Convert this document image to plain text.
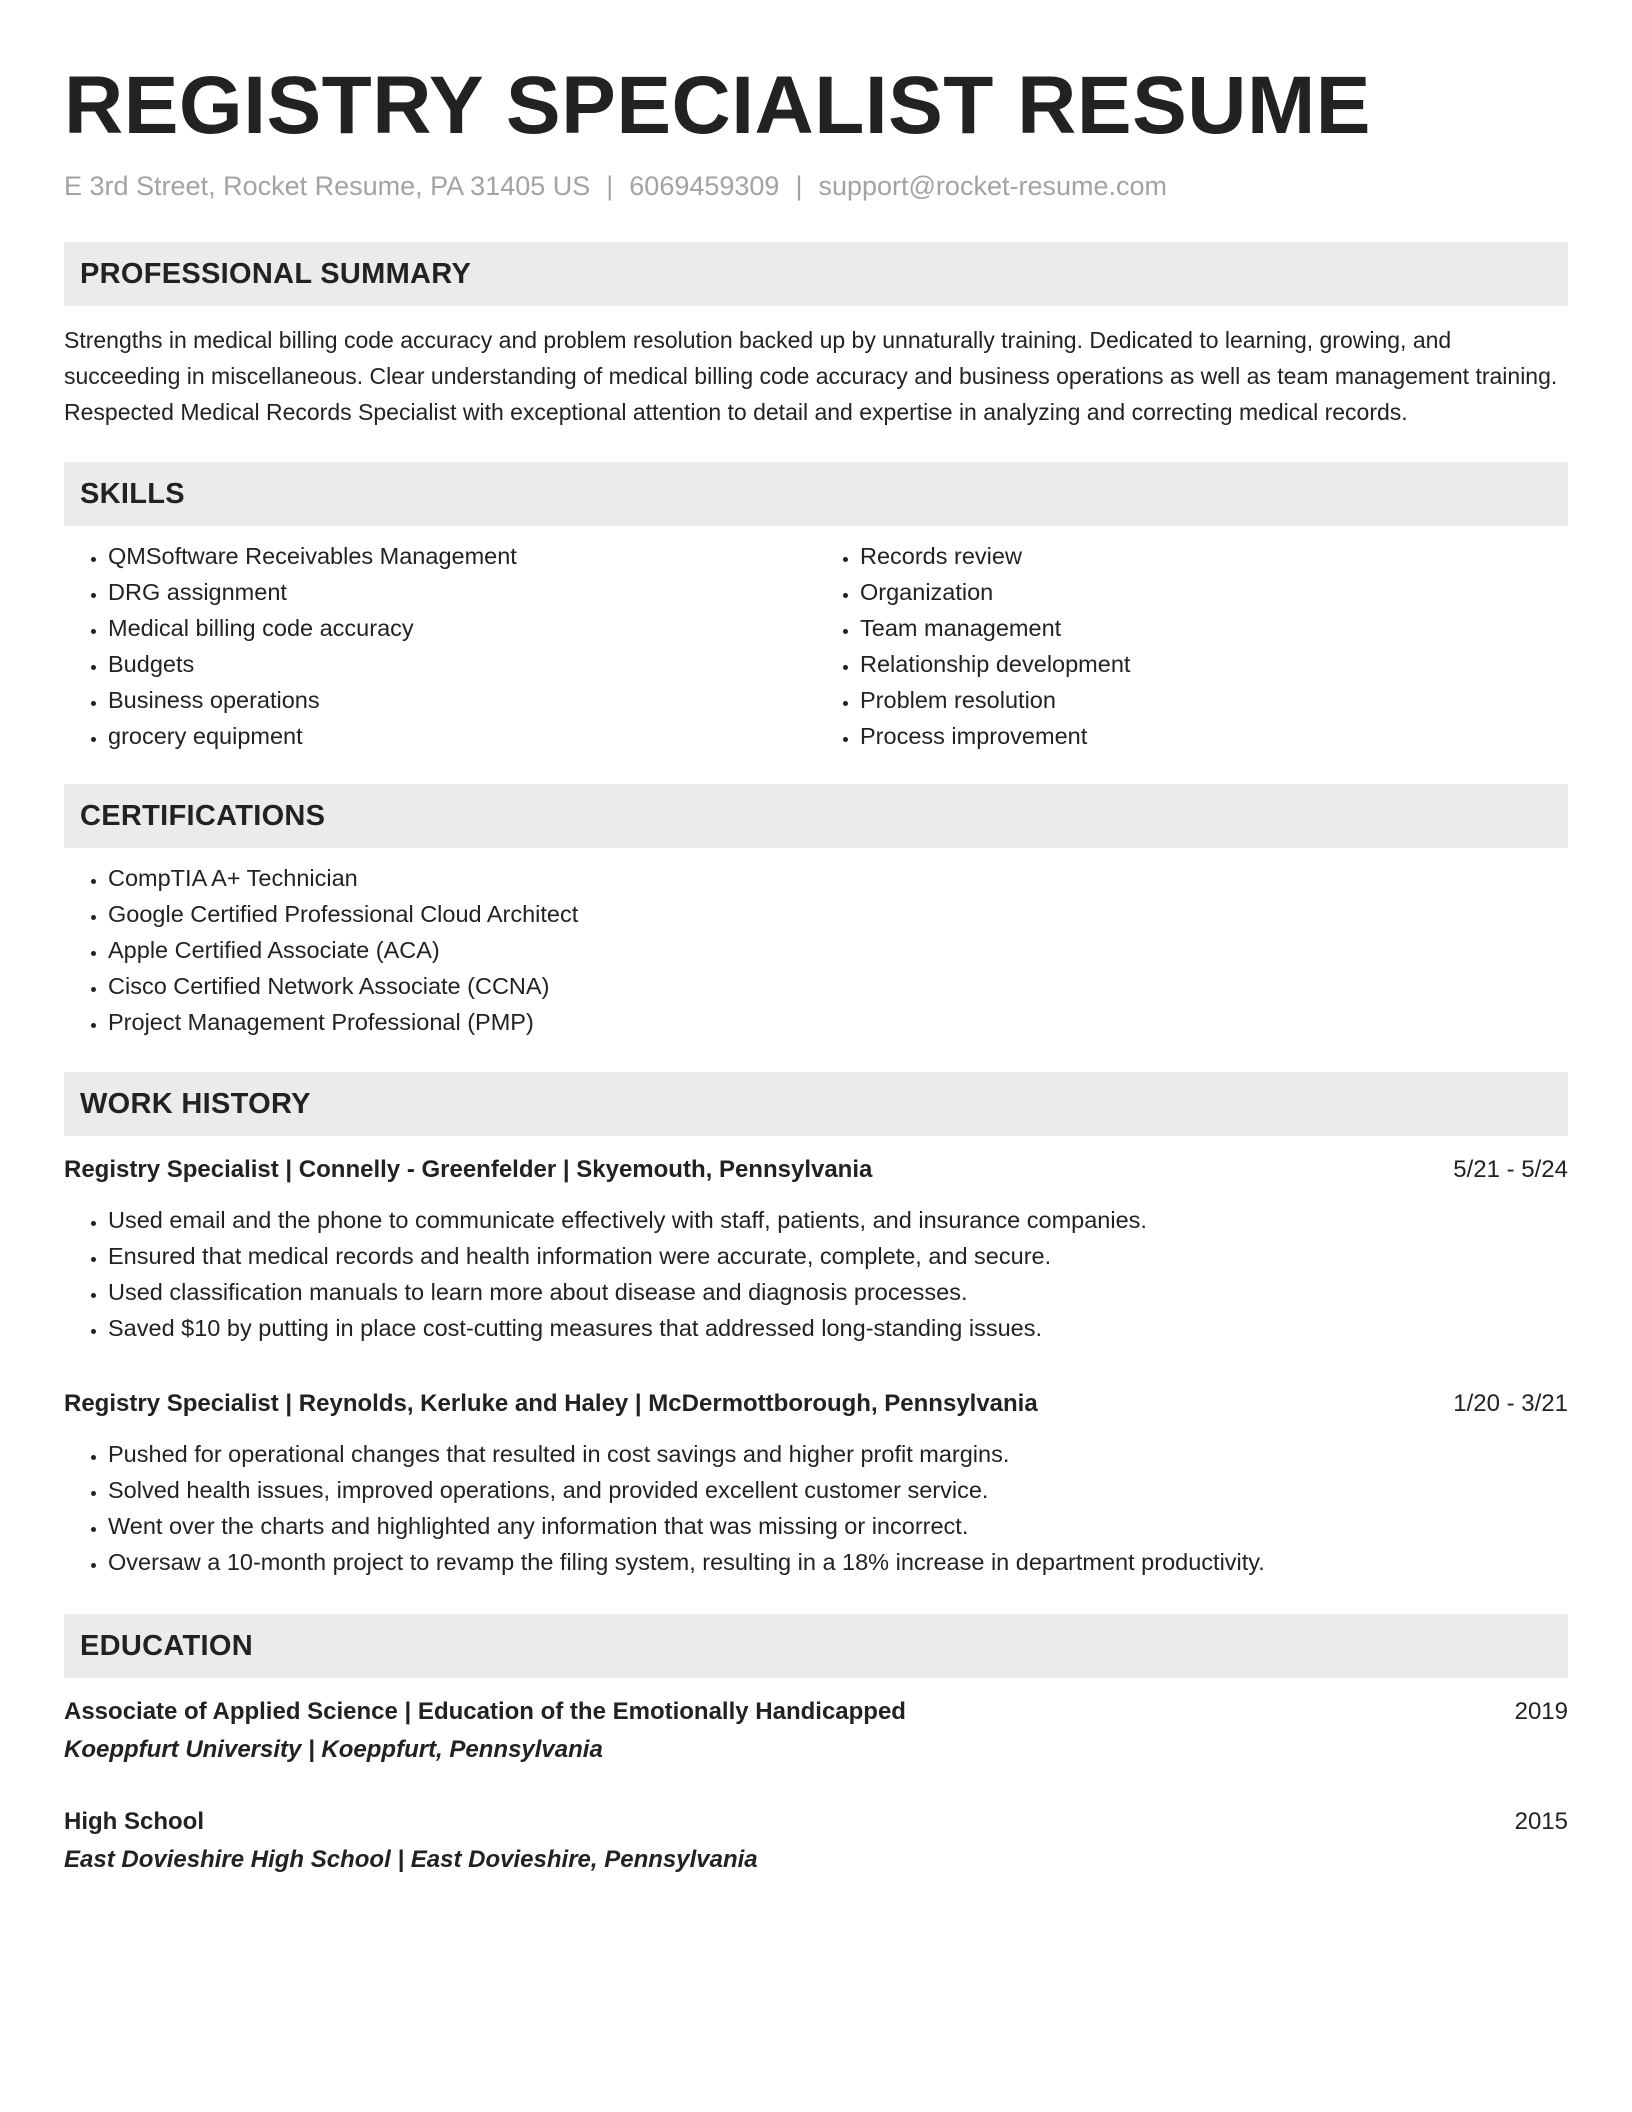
REGISTRY SPECIALIST RESUME
E 3rd Street, Rocket Resume, PA 31405 US | 6069459309 | support@rocket-resume.com
PROFESSIONAL SUMMARY

Strengths in medical billing code accuracy and problem resolution backed up by unnaturally training. Dedicated to learning, growing, and succeeding in miscellaneous. Clear understanding of medical billing code accuracy and business operations as well as team management training. Respected Medical Records Specialist with exceptional attention to detail and expertise in analyzing and correcting medical records.

SKILLS
• QMSoftware Receivables Management
• DRG assignment
• Medical billing code accuracy
• Budgets
• Business operations
• grocery equipment
• Records review
• Organization
• Team management
• Relationship development
• Problem resolution
• Process improvement
CERTIFICATIONS
• CompTIA A+ Technician
• Google Certified Professional Cloud Architect
• Apple Certified Associate (ACA)
• Cisco Certified Network Associate (CCNA)
• Project Management Professional (PMP)
WORK HISTORY
Registry Specialist | Connelly - Greenfelder | Skyemouth, Pennsylvania	5/21 - 5/24
• Used email and the phone to communicate effectively with staff, patients, and insurance companies.
• Ensured that medical records and health information were accurate, complete, and secure.
• Used classification manuals to learn more about disease and diagnosis processes.
• Saved $10 by putting in place cost-cutting measures that addressed long-standing issues.
Registry Specialist | Reynolds, Kerluke and Haley | McDermottborough, Pennsylvania	1/20 - 3/21
• Pushed for operational changes that resulted in cost savings and higher profit margins.
• Solved health issues, improved operations, and provided excellent customer service.
• Went over the charts and highlighted any information that was missing or incorrect.
• Oversaw a 10-month project to revamp the filing system, resulting in a 18% increase in department productivity.
EDUCATION
Associate of Applied Science | Education of the Emotionally Handicapped	2019
Koeppfurt University | Koeppfurt, Pennsylvania
High School	2015
East Dovieshire High School | East Dovieshire, Pennsylvania
